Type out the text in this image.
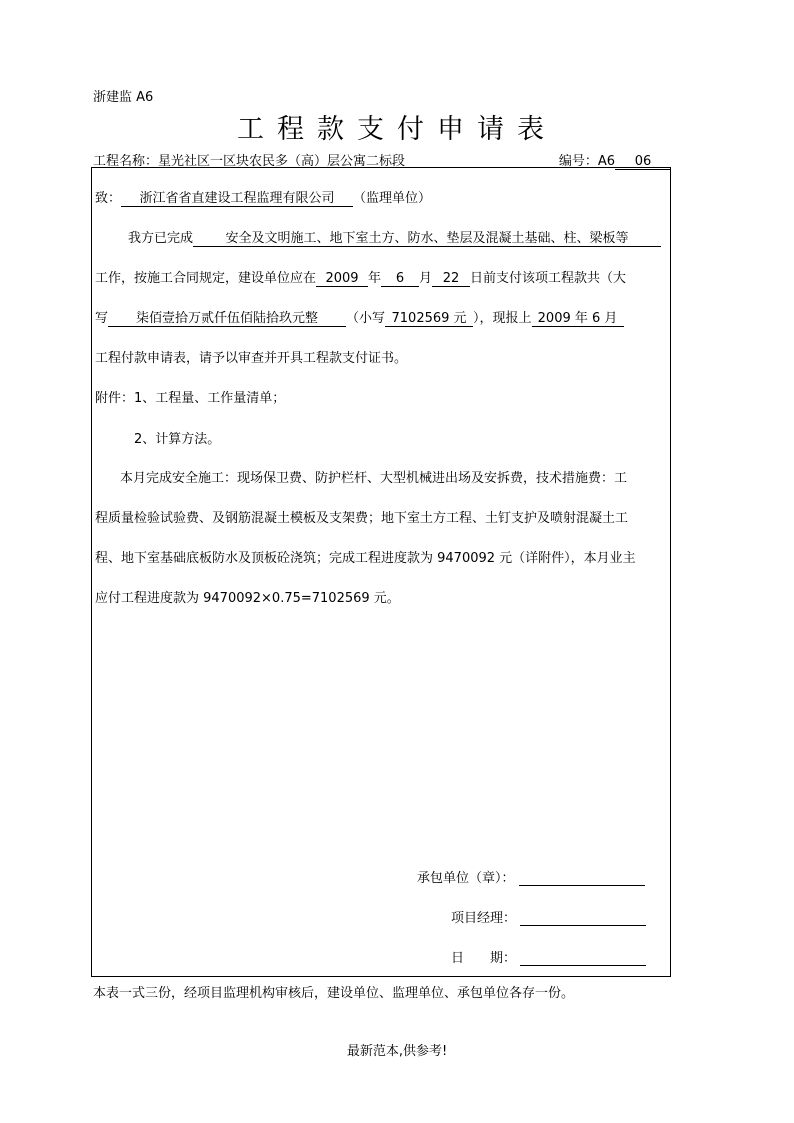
浙建监 A6
工程款支付申请表
工程名称：星光社区一区块农民多（高）层公寓二标段	编号：A6 06
致： 浙江省省直建设工程监理有限公司 （监理单位）
我方已完成 安全及文明施工、地下室土方、防水、垫层及混凝土基础、柱、梁板等
工作，按施工合同规定，建设单位应在 2009 年 6 月 22 日前支付该项工程款共（大
写 柒佰壹拾万贰仟伍佰陆拾玖元整 （小写 7102569 元 ），现报上 2009 年 6 月
工程付款申请表，请予以审查并开具工程款支付证书。
附件：1、工程量、工作量清单；
2、计算方法。
本月完成安全施工：现场保卫费、防护栏杆、大型机械进出场及安拆费，技术措施费：工
程质量检验试验费、及钢筋混凝土模板及支架费；地下室土方工程、土钉支护及喷射混凝土工
程、地下室基础底板防水及顶板砼浇筑；完成工程进度款为 9470092 元（详附件），本月业主
应付工程进度款为 9470092×0.75=7102569 元。
承包单位（章）：
项目经理：
日　　期：
本表一式三份，经项目监理机构审核后，建设单位、监理单位、承包单位各存一份。
最新范本,供参考!
